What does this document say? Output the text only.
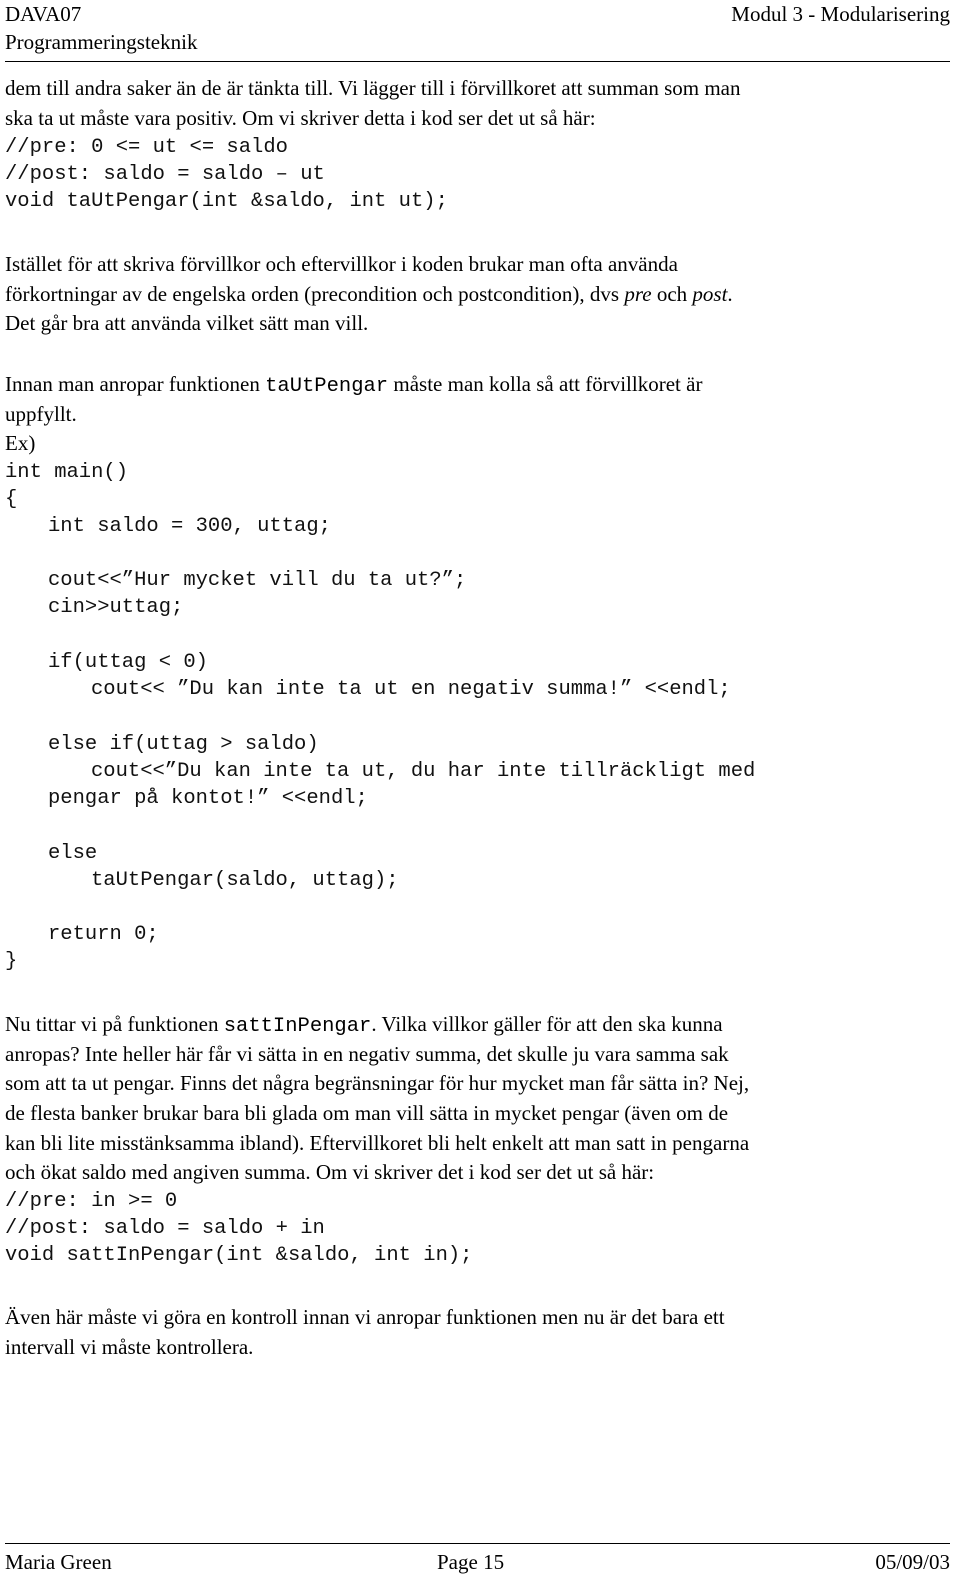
DAVA07
Programmeringsteknik
Modul 3 - Modularisering
dem till andra saker än de är tänkta till. Vi lägger till i förvillkoret att summan som man
ska ta ut måste vara positiv. Om vi skriver detta i kod ser det ut så här:
//pre: 0 <= ut <= saldo
//post: saldo = saldo – ut
void taUtPengar(int &saldo, int ut);
Istället för att skriva förvillkor och eftervillkor i koden brukar man ofta använda
förkortningar av de engelska orden (precondition och postcondition), dvs pre och post.
Det går bra att använda vilket sätt man vill.
Innan man anropar funktionen taUtPengar måste man kolla så att förvillkoret är
uppfyllt.
Ex)
int main()
{
int saldo = 300, uttag;
cout<<”Hur mycket vill du ta ut?”;
cin>>uttag;
if(uttag < 0)
cout<< ”Du kan inte ta ut en negativ summa!” <<endl;
else if(uttag > saldo)
cout<<”Du kan inte ta ut, du har inte tillräckligt med
pengar på kontot!” <<endl;
else
taUtPengar(saldo, uttag);
return 0;
}
Nu tittar vi på funktionen sattInPengar. Vilka villkor gäller för att den ska kunna
anropas? Inte heller här får vi sätta in en negativ summa, det skulle ju vara samma sak
som att ta ut pengar. Finns det några begränsningar för hur mycket man får sätta in? Nej,
de flesta banker brukar bara bli glada om man vill sätta in mycket pengar (även om de
kan bli lite misstänksamma ibland). Eftervillkoret bli helt enkelt att man satt in pengarna
och ökat saldo med angiven summa. Om vi skriver det i kod ser det ut så här:
//pre: in >= 0
//post: saldo = saldo + in
void sattInPengar(int &saldo, int in);
Även här måste vi göra en kontroll innan vi anropar funktionen men nu är det bara ett
intervall vi måste kontrollera.
Maria Green	Page 15	05/09/03
